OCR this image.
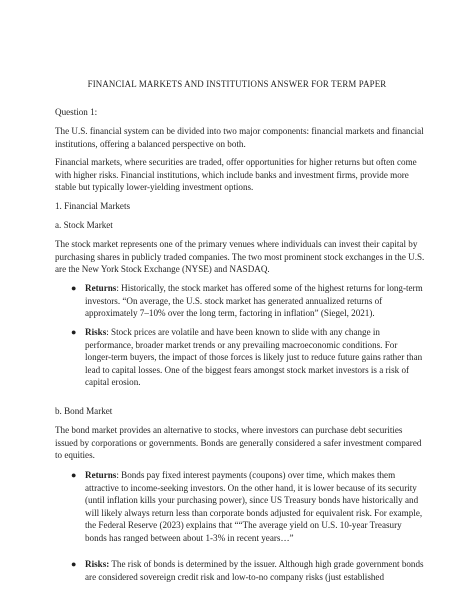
FINANCIAL MARKETS AND INSTITUTIONS ANSWER FOR TERM PAPER

Question 1:

The U.S. financial system can be divided into two major components: financial markets and financial institutions, offering a balanced perspective on both.

Financial markets, where securities are traded, offer opportunities for higher returns but often come with higher risks. Financial institutions, which include banks and investment firms, provide more stable but typically lower-yielding investment options.

1. Financial Markets

a. Stock Market

The stock market represents one of the primary venues where individuals can invest their capital by purchasing shares in publicly traded companies. The two most prominent stock exchanges in the U.S. are the New York Stock Exchange (NYSE) and NASDAQ.

● Returns: Historically, the stock market has offered some of the highest returns for long-term investors. “On average, the U.S. stock market has generated annualized returns of approximately 7–10% over the long term, factoring in inflation” (Siegel, 2021).

● Risks: Stock prices are volatile and have been known to slide with any change in performance, broader market trends or any prevailing macroeconomic conditions. For longer-term buyers, the impact of those forces is likely just to reduce future gains rather than lead to capital losses. One of the biggest fears amongst stock market investors is a risk of capital erosion.

b. Bond Market

The bond market provides an alternative to stocks, where investors can purchase debt securities issued by corporations or governments. Bonds are generally considered a safer investment compared to equities.

● Returns: Bonds pay fixed interest payments (coupons) over time, which makes them attractive to income-seeking investors. On the other hand, it is lower because of its security (until inflation kills your purchasing power), since US Treasury bonds have historically and will likely always return less than corporate bonds adjusted for equivalent risk. For example, the Federal Reserve (2023) explains that ““The average yield on U.S. 10-year Treasury bonds has ranged between about 1-3% in recent years…”

● Risks: The risk of bonds is determined by the issuer. Although high grade government bonds are considered sovereign credit risk and low-to-no company risks (just established
